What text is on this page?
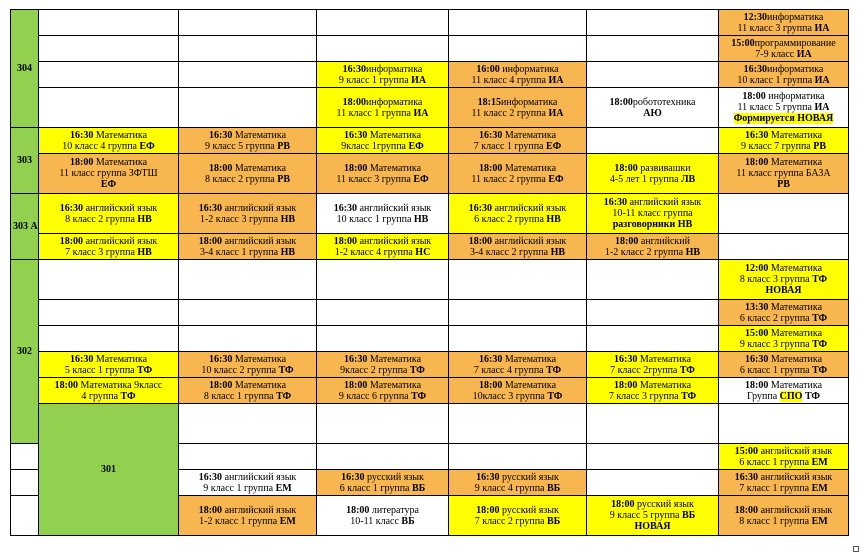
304						12:30информатика
11 класс 3 группа ИА	

						15:00программирование
7-9 класс ИА	

			16:30информатика
9 класс 1 группа ИА	16:00 информатика
11 класс 4 группа ИА		16:30информатика
10 класс 1 группа ИА	

			18:00информатика
11 класс 1 группа ИА	18:15информатика
11 класс 2 группа ИА	18:00робототехника
АЮ	18:00 информатика
11 класс 5 группа ИА
Формируется НОВАЯ	
303	16:30 Математика
10 класс 4 группа ЕФ	16:30 Математика
9 класс 5 группа РВ	16:30 Математика
9класс 1группа ЕФ	16:30 Математика
7 класс 1 группа ЕФ		16:30 Математика
9 класс 7 группа РВ	

	18:00 Математика
11 класс группа ЗФТШ
ЕФ	18:00 Математика
8 класс 2 группа РВ	18:00 Математика
11 класс 3 группа ЕФ	18:00 Математика
11 класс 2 группа ЕФ	18:00 развивашки
4-5 лет 1 группа ЛВ	18:00 Математика
11 класс группа БАЗА
РВ	

303 А	16:30 английский язык
8 класс 2 группа НВ	16:30 английский язык
1-2 класс 3 группа НВ	16:30 английский язык
10 класс 1 группа НВ	16:30 английский язык
6 класс 2 группа НВ	16:30 английский язык
10-11 класс группа
разговорники НВ		

	18:00 английский язык
7 класс 3 группа НВ	18:00 английский язык
3-4 класс 1 группа НВ	18:00 английский язык
1-2 класс 4 группа НС	18:00 английский язык
3-4 класс 2 группа НВ	18:00 английский
1-2 класс 2 группа НВ		

302						12:00 Математика
8 класс 3 группа ТФ
НОВАЯ	

						13:30 Математика
6 класс 2 группа ТФ	

						15:00 Математика
9 класс 3 группа ТФ	

	16:30 Математика
5 класс 1 группа ТФ	16:30 Математика
10 класс 2 группа ТФ	16:30 Математика
9класс 2 группа ТФ	16:30 Математика
7 класс 4 группа ТФ	16:30 Математика
7 класс 2группа ТФ	16:30 Математика
6 класс 1 группа ТФ	

	18:00 Математика 9класс
4 группа ТФ	18:00 Математика
8 класс 1 группа ТФ	18:00 Математика
9 класс 6 группа ТФ	18:00 Математика
10класс 3 группа ТФ	18:00 Математика
7 класс 3 группа ТФ	18:00 Математика
Группа СПО ТФ	

	301						

						15:00 английский язык
6 класс 1 группа ЕМ	

		16:30 английский язык
9 класс 1 группа ЕМ	16:30 русский язык
6 класс 1 группа ВБ	16:30 русский язык
9 класс 4 группа ВБ		16:30 английский язык
7 класс 1 группа ЕМ	

		18:00 английский язык
1-2 класс 1 группа ЕМ	18:00 литература
10-11 класс ВБ	18:00 русский язык
7 класс 2 группа ВБ	18:00 русский язык
9 класс 5 группа ВБ
НОВАЯ	18:00 английский язык
8 класс 1 группа ЕМ	
